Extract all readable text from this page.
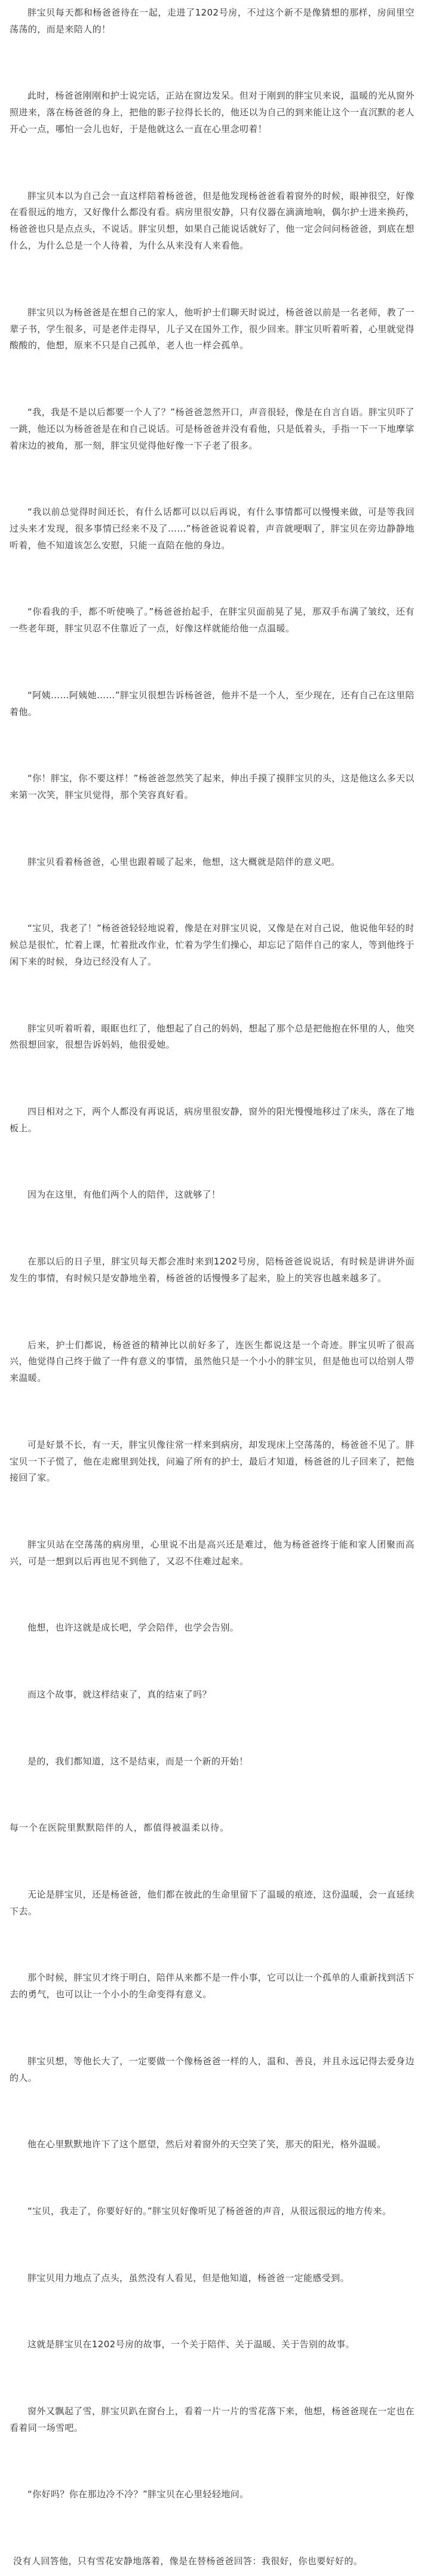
胖宝贝每天都和杨爸爸待在一起，走进了1202号房，不过这个新不是像猜想的那样，房间里空荡荡的，而是来陪人的！

此时，杨爸爸刚刚和护士说完话，正站在窗边发呆。但对于刚到的胖宝贝来说，温暖的光从窗外照进来，落在杨爸爸的身上，把他的影子拉得长长的，他还以为自己的到来能让这个一直沉默的老人开心一点，哪怕一会儿也好，于是他就这么一直在心里念叨着！

胖宝贝本以为自己会一直这样陪着杨爸爸，但是他发现杨爸爸看着窗外的时候，眼神很空，好像在看很远的地方，又好像什么都没有看。病房里很安静，只有仪器在滴滴地响，偶尔护士进来换药，杨爸爸也只是点点头，不说话。胖宝贝想，如果自己能说话就好了，他一定会问问杨爸爸，到底在想什么，为什么总是一个人待着，为什么从来没有人来看他。

胖宝贝以为杨爸爸是在想自己的家人，他听护士们聊天时说过，杨爸爸以前是一名老师，教了一辈子书，学生很多，可是老伴走得早，儿子又在国外工作，很少回来。胖宝贝听着听着，心里就觉得酸酸的，他想，原来不只是自己孤单，老人也一样会孤单。

“我，我是不是以后都要一个人了？”杨爸爸忽然开口，声音很轻，像是在自言自语。胖宝贝吓了一跳，他还以为杨爸爸是在和自己说话。可是杨爸爸并没有看他，只是低着头，手指一下一下地摩挲着床边的被角，那一刻，胖宝贝觉得他好像一下子老了很多。

“我以前总觉得时间还长，有什么话都可以以后再说，有什么事情都可以慢慢来做，可是等我回过头来才发现，很多事情已经来不及了……”杨爸爸说着说着，声音就哽咽了，胖宝贝在旁边静静地听着，他不知道该怎么安慰，只能一直陪在他的身边。

“你看我的手，都不听使唤了。”杨爸爸抬起手，在胖宝贝面前晃了晃，那双手布满了皱纹，还有一些老年斑，胖宝贝忍不住靠近了一点，好像这样就能给他一点温暖。

“阿姨……阿姨她……”胖宝贝很想告诉杨爸爸，他并不是一个人，至少现在，还有自己在这里陪着他。

“你！胖宝，你不要这样！”杨爸爸忽然笑了起来，伸出手摸了摸胖宝贝的头，这是他这么多天以来第一次笑，胖宝贝觉得，那个笑容真好看。

胖宝贝看着杨爸爸，心里也跟着暖了起来，他想，这大概就是陪伴的意义吧。

“宝贝，我老了！”杨爸爸轻轻地说着，像是在对胖宝贝说，又像是在对自己说，他说他年轻的时候总是很忙，忙着上课，忙着批改作业，忙着为学生们操心，却忘记了陪伴自己的家人，等到他终于闲下来的时候，身边已经没有人了。

胖宝贝听着听着，眼眶也红了，他想起了自己的妈妈，想起了那个总是把他抱在怀里的人，他突然很想回家，很想告诉妈妈，他很爱她。

四目相对之下，两个人都没有再说话，病房里很安静，窗外的阳光慢慢地移过了床头，落在了地板上。

因为在这里，有他们两个人的陪伴，这就够了！

在那以后的日子里，胖宝贝每天都会准时来到1202号房，陪杨爸爸说说话，有时候是讲讲外面发生的事情，有时候只是安静地坐着，杨爸爸的话慢慢多了起来，脸上的笑容也越来越多了。

后来，护士们都说，杨爸爸的精神比以前好多了，连医生都说这是一个奇迹。胖宝贝听了很高兴，他觉得自己终于做了一件有意义的事情，虽然他只是一个小小的胖宝贝，但是他也可以给别人带来温暖。

可是好景不长，有一天，胖宝贝像往常一样来到病房，却发现床上空荡荡的，杨爸爸不见了。胖宝贝一下子慌了，他在走廊里到处找，问遍了所有的护士，最后才知道，杨爸爸的儿子回来了，把他接回了家。

胖宝贝站在空荡荡的病房里，心里说不出是高兴还是难过，他为杨爸爸终于能和家人团聚而高兴，可是一想到以后再也见不到他了，又忍不住难过起来。

他想，也许这就是成长吧，学会陪伴，也学会告别。

而这个故事，就这样结束了，真的结束了吗？

是的，我们都知道，这不是结束，而是一个新的开始！

每一个在医院里默默陪伴的人，都值得被温柔以待。

无论是胖宝贝，还是杨爸爸，他们都在彼此的生命里留下了温暖的痕迹，这份温暖，会一直延续下去。

那个时候，胖宝贝才终于明白，陪伴从来都不是一件小事，它可以让一个孤单的人重新找到活下去的勇气，也可以让一个小小的生命变得有意义。

胖宝贝想，等他长大了，一定要做一个像杨爸爸一样的人，温和、善良，并且永远记得去爱身边的人。

他在心里默默地许下了这个愿望，然后对着窗外的天空笑了笑，那天的阳光，格外温暖。

“宝贝，我走了，你要好好的。”胖宝贝好像听见了杨爸爸的声音，从很远很远的地方传来。

胖宝贝用力地点了点头，虽然没有人看见，但是他知道，杨爸爸一定能感受到。

这就是胖宝贝在1202号房的故事，一个关于陪伴、关于温暖、关于告别的故事。

窗外又飘起了雪，胖宝贝趴在窗台上，看着一片一片的雪花落下来，他想，杨爸爸现在一定也在看着同一场雪吧。

“你好吗？你在那边冷不冷？”胖宝贝在心里轻轻地问。

没有人回答他，只有雪花安静地落着，像是在替杨爸爸回答：我很好，你也要好好的。
